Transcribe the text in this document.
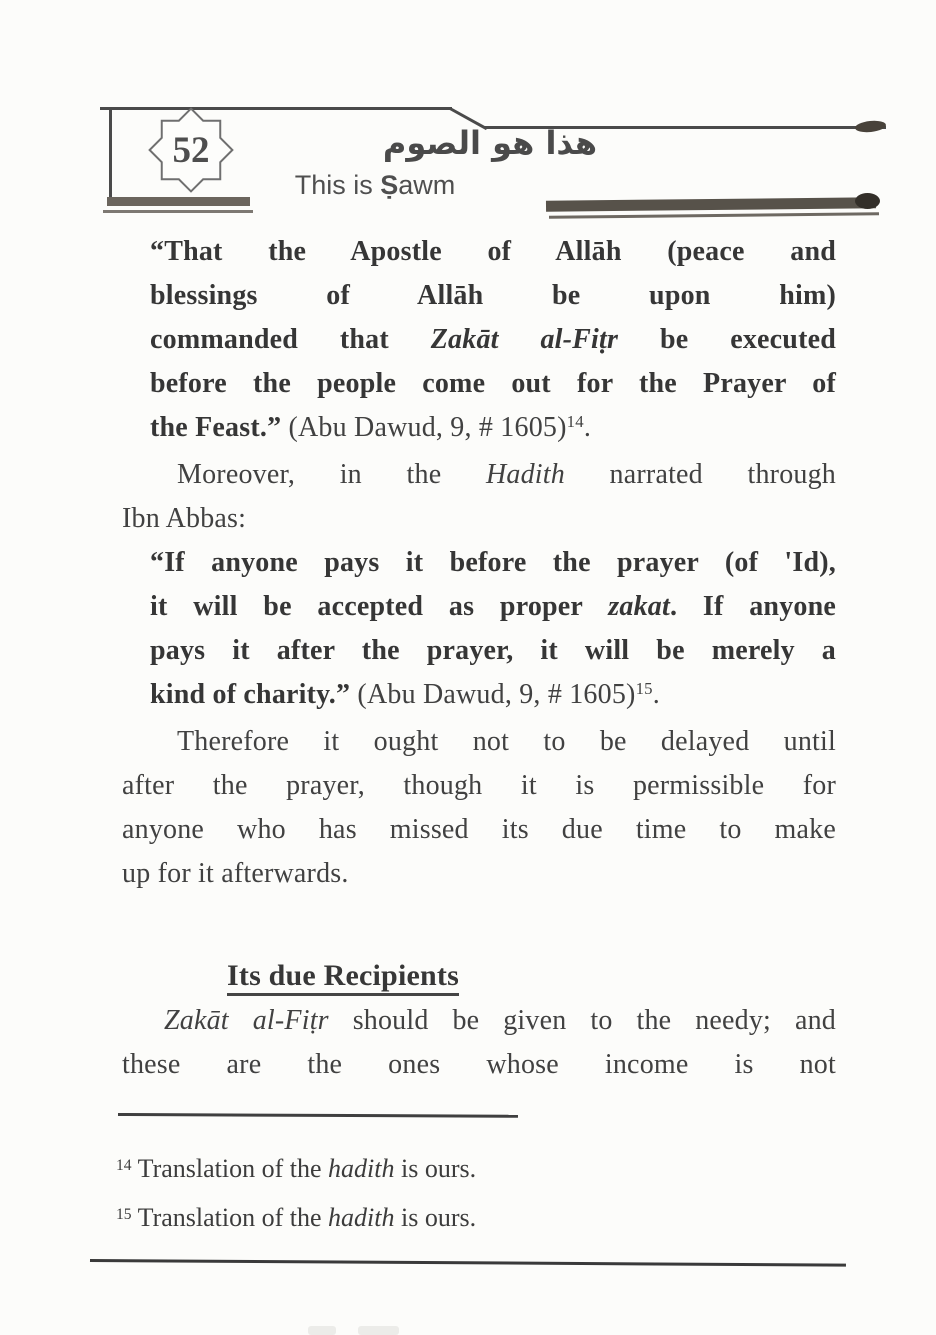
52	هذا هو الصوم
This is Ṣawm
“That the Apostle of Allāh (peace and
blessings of Allāh be upon him)
commanded that Zakāt al-Fiṭr be executed
before the people come out for the Prayer of
the Feast.” (Abu Dawud, 9, # 1605)$^{14}$.
Moreover, in the Hadith narrated through
Ibn Abbas:
“If anyone pays it before the prayer (of 'Id),
it will be accepted as proper zakat. If anyone
pays it after the prayer, it will be merely a
kind of charity.” (Abu Dawud, 9, # 1605)$^{15}$.
Therefore it ought not to be delayed until
after the prayer, though it is permissible for
anyone who has missed its due time to make
up for it afterwards.
Its due Recipients
Zakāt al-Fiṭr should be given to the needy; and
these are the ones whose income is not
$^{14}$ Translation of the hadith is ours.
$^{15}$ Translation of the hadith is ours.
